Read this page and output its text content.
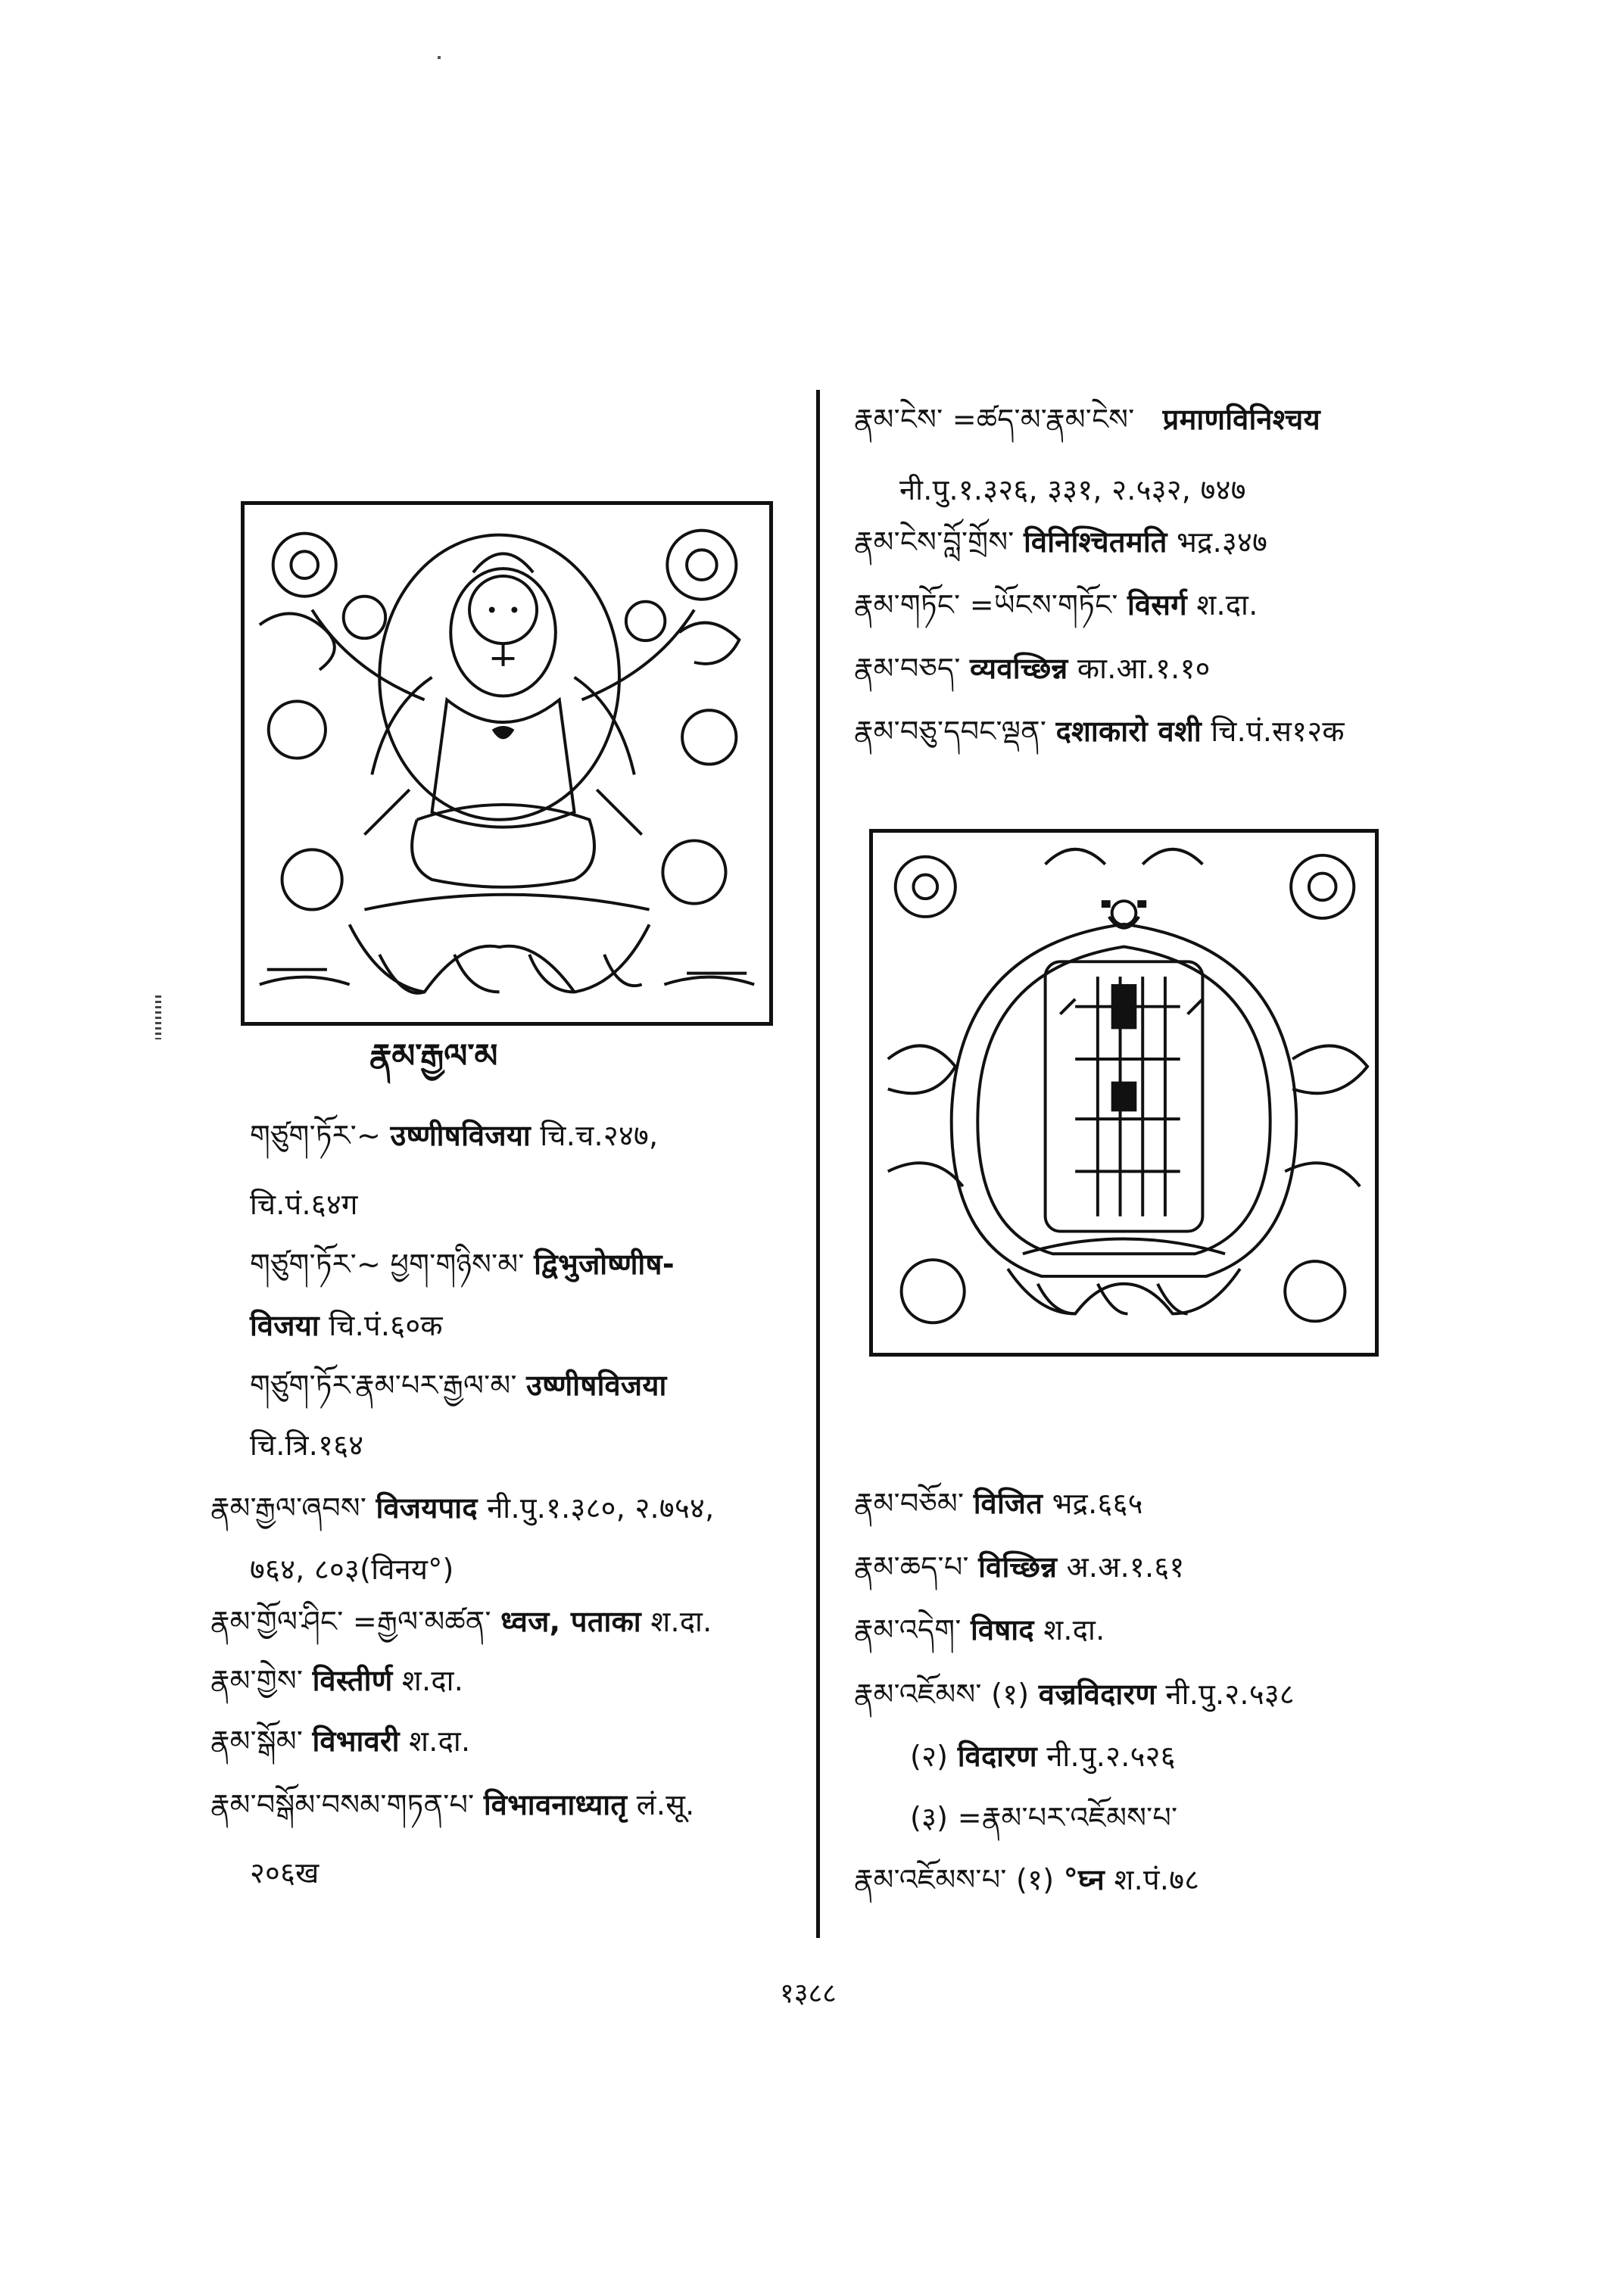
རྣམ་རྒྱལ་མ
གཙུག་ཏོར་~ उष्णीषविजया चि.च.२४७,
चि.पं.६४ग
གཙུག་ཏོར་~ ཕྱག་གཉིས་མ་ द्विभुजोष्णीष-
विजया चि.पं.६०क
གཙུག་ཏོར་རྣམ་པར་རྒྱལ་མ་ उष्णीषविजया
चि.त्रि.१६४
རྣམ་རྒྱལ་ཞབས་ विजयपाद नी.पु.१.३८०, २.७५४,
७६४, ८०३(विनय°)
རྣམ་གྱོལ་ཤིང་ =རྒྱལ་མཚན་ ध्वज, पताका श.दा.
རྣམ་གྱེས་ विस्तीर्ण श.दा.
རྣམ་སྒོམ་ विभावरी श.दा.
རྣམ་བསྒོམ་བསམ་གཏན་པ་ विभावनाध्यातृ लं.सू.
२०६ख
རྣམ་ངེས་ =ཚད་མ་རྣམ་ངེས་ प्रमाणविनिश्चय
नी.पु.१.३२६, ३३१, २.५३२, ७४७
རྣམ་ངེས་བློ་གྲོས་ विनिश्चितमति भद्र.३४७
རྣམ་གཏོང་ =ཡོངས་གཏོང་ विसर्ग श.दा.
རྣམ་བཅད་ व्यवच्छिन्न का.आ.१.१०
རྣམ་བཅུ་དབང་ལྡན་ दशाकारो वशी चि.पं.स१२क
རྣམ་བཅོམ་ विजित भद्र.६६५
རྣམ་ཆད་པ་ विच्छिन्न अ.अ.१.६१
རྣམ་འདེག་ विषाद श.दा.
རྣམ་འཇོམས་ (१) वज्रविदारण नी.पु.२.५३८
(२) विदारण नी.पु.२.५२६
(३) =རྣམ་པར་འཇོམས་པ་
རྣམ་འཇོམས་པ་ (१) °घ्न श.पं.७८
१३८८
